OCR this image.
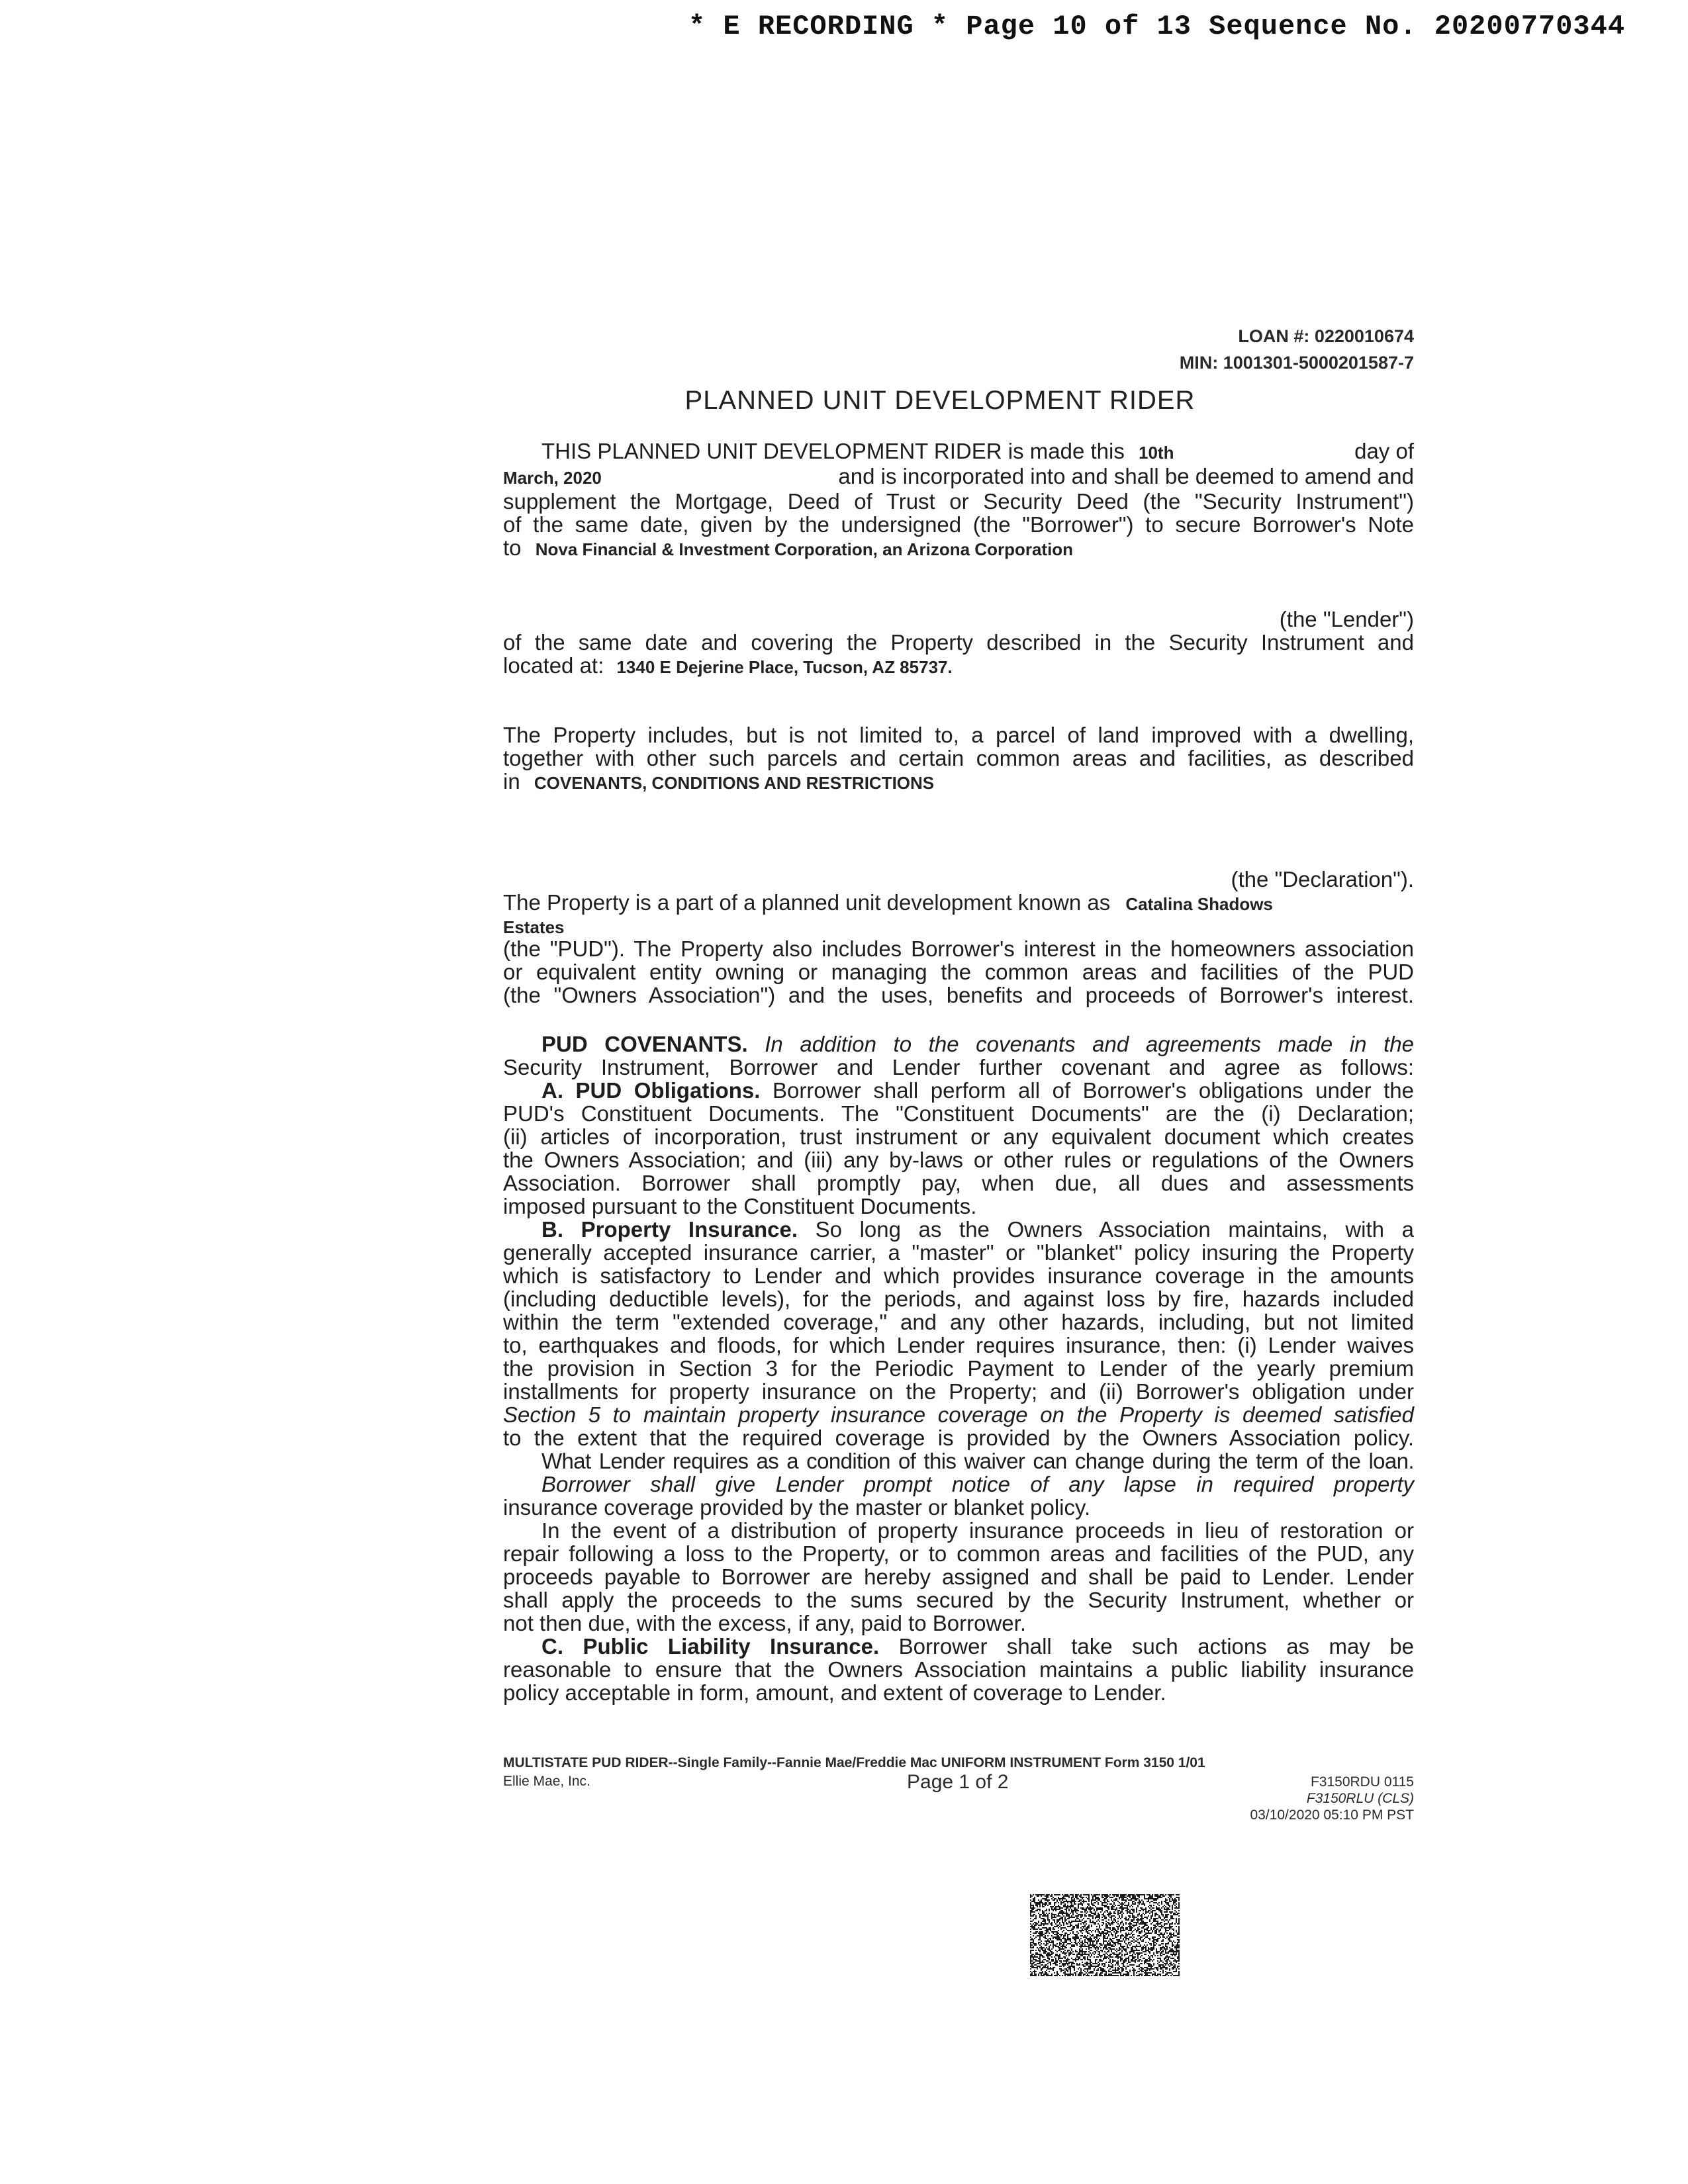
* E RECORDING * Page 10 of 13 Sequence No. 20200770344
LOAN #: 0220010674
MIN: 1001301-5000201587-7
PLANNED UNIT DEVELOPMENT RIDER
THIS PLANNED UNIT DEVELOPMENT RIDER is made this 10th	day of
March, 2020	and is incorporated into and shall be deemed to amend and
supplement the Mortgage, Deed of Trust or Security Deed (the "Security Instrument")
of the same date, given by the undersigned (the "Borrower") to secure Borrower's Note
to Nova Financial & Investment Corporation, an Arizona Corporation
(the "Lender")
of the same date and covering the Property described in the Security Instrument and
located at: 1340 E Dejerine Place, Tucson, AZ 85737.
The Property includes, but is not limited to, a parcel of land improved with a dwelling,
together with other such parcels and certain common areas and facilities, as described
in COVENANTS, CONDITIONS AND RESTRICTIONS
(the "Declaration").
The Property is a part of a planned unit development known as Catalina Shadows
Estates
(the "PUD"). The Property also includes Borrower's interest in the homeowners association
or equivalent entity owning or managing the common areas and facilities of the PUD
(the "Owners Association") and the uses, benefits and proceeds of Borrower's interest.
PUD COVENANTS. In addition to the covenants and agreements made in the
Security Instrument, Borrower and Lender further covenant and agree as follows:
A. PUD Obligations. Borrower shall perform all of Borrower's obligations under the
PUD's Constituent Documents. The "Constituent Documents" are the (i) Declaration;
(ii) articles of incorporation, trust instrument or any equivalent document which creates
the Owners Association; and (iii) any by-laws or other rules or regulations of the Owners
Association. Borrower shall promptly pay, when due, all dues and assessments
imposed pursuant to the Constituent Documents.
B. Property Insurance. So long as the Owners Association maintains, with a
generally accepted insurance carrier, a "master" or "blanket" policy insuring the Property
which is satisfactory to Lender and which provides insurance coverage in the amounts
(including deductible levels), for the periods, and against loss by fire, hazards included
within the term "extended coverage," and any other hazards, including, but not limited
to, earthquakes and floods, for which Lender requires insurance, then: (i) Lender waives
the provision in Section 3 for the Periodic Payment to Lender of the yearly premium
installments for property insurance on the Property; and (ii) Borrower's obligation under
Section 5 to maintain property insurance coverage on the Property is deemed satisfied
to the extent that the required coverage is provided by the Owners Association policy.
What Lender requires as a condition of this waiver can change during the term of the loan.
Borrower shall give Lender prompt notice of any lapse in required property
insurance coverage provided by the master or blanket policy.
In the event of a distribution of property insurance proceeds in lieu of restoration or
repair following a loss to the Property, or to common areas and facilities of the PUD, any
proceeds payable to Borrower are hereby assigned and shall be paid to Lender. Lender
shall apply the proceeds to the sums secured by the Security Instrument, whether or
not then due, with the excess, if any, paid to Borrower.
C. Public Liability Insurance. Borrower shall take such actions as may be
reasonable to ensure that the Owners Association maintains a public liability insurance
policy acceptable in form, amount, and extent of coverage to Lender.
MULTISTATE PUD RIDER--Single Family--Fannie Mae/Freddie Mac UNIFORM INSTRUMENT Form 3150 1/01
Ellie Mae, Inc.	Page 1 of 2	F3150RDU 0115
F3150RLU (CLS)
03/10/2020 05:10 PM PST
